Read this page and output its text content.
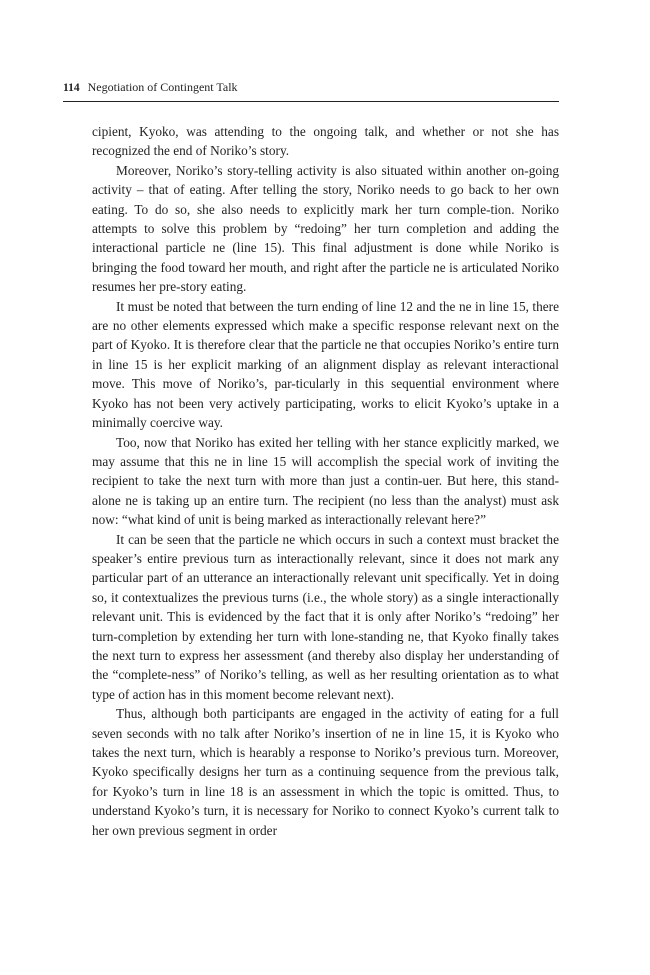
114 Negotiation of Contingent Talk

cipient, Kyoko, was attending to the ongoing talk, and whether or not she has recognized the end of Noriko’s story.

Moreover, Noriko’s story-telling activity is also situated within another on-going activity – that of eating. After telling the story, Noriko needs to go back to her own eating. To do so, she also needs to explicitly mark her turn comple-tion. Noriko attempts to solve this problem by “redoing” her turn completion and adding the interactional particle ne (line 15). This final adjustment is done while Noriko is bringing the food toward her mouth, and right after the particle ne is articulated Noriko resumes her pre-story eating.

It must be noted that between the turn ending of line 12 and the ne in line 15, there are no other elements expressed which make a specific response relevant next on the part of Kyoko. It is therefore clear that the particle ne that occupies Noriko’s entire turn in line 15 is her explicit marking of an alignment display as relevant interactional move. This move of Noriko’s, par-ticularly in this sequential environment where Kyoko has not been very actively participating, works to elicit Kyoko’s uptake in a minimally coercive way.

Too, now that Noriko has exited her telling with her stance explicitly marked, we may assume that this ne in line 15 will accomplish the special work of inviting the recipient to take the next turn with more than just a contin-uer. But here, this stand-alone ne is taking up an entire turn. The recipient (no less than the analyst) must ask now: “what kind of unit is being marked as interactionally relevant here?”

It can be seen that the particle ne which occurs in such a context must bracket the speaker’s entire previous turn as interactionally relevant, since it does not mark any particular part of an utterance an interactionally relevant unit specifically. Yet in doing so, it contextualizes the previous turns (i.e., the whole story) as a single interactionally relevant unit. This is evidenced by the fact that it is only after Noriko’s “redoing” her turn-completion by extending her turn with lone-standing ne, that Kyoko finally takes the next turn to express her assessment (and thereby also display her understanding of the “complete-ness” of Noriko’s telling, as well as her resulting orientation as to what type of action has in this moment become relevant next).

Thus, although both participants are engaged in the activity of eating for a full seven seconds with no talk after Noriko’s insertion of ne in line 15, it is Kyoko who takes the next turn, which is hearably a response to Noriko’s previous turn. Moreover, Kyoko specifically designs her turn as a continuing sequence from the previous talk, for Kyoko’s turn in line 18 is an assessment in which the topic is omitted. Thus, to understand Kyoko’s turn, it is necessary for Noriko to connect Kyoko’s current talk to her own previous segment in order
